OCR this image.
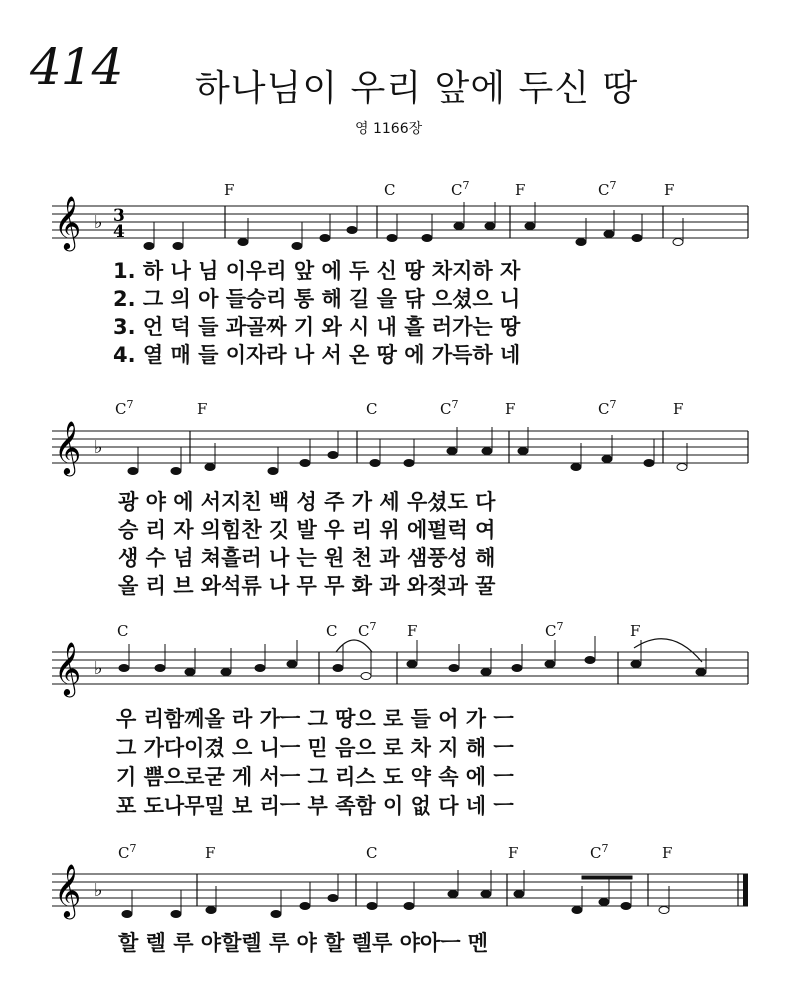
414 하나님이 우리 앞에 두신 땅
영 1166장
𝄞 ♭ 3
4
F	C	$C^7$	F	$C^7$	F
1. 하 나 님 이우리 앞 에 두 신 땅 차지하 자
2. 그 의 아 들승리 통 해 길 을 닦 으셨으 니
3. 언 덕 들 과골짜 기 와 시 내 흘 러가는 땅
4. 열 매 들 이자라 나 서 온 땅 에 가득하 네
𝄞 ♭
$C^7$	F	C	$C^7$	F	$C^7$	F
광 야 에 서지친 백 성 주 가 세 우셨도 다
승 리 자 의힘찬 깃 발 우 리 위 에펄럭 여
생 수 넘 쳐흘러 나 는 원 천 과 샘풍성 해
올 리 브 와석류 나 무 무 화 과 와젖과 꿀
𝄞 ♭
C	C $C^7$ F	$C^7$	F
우 리함께올 라 가ㅡ 그 땅으 로 들 어 가 ㅡ
그 가다이겼 으 니ㅡ 믿 음으 로 차 지 해 ㅡ
기 쁨으로굳 게 서ㅡ 그 리스 도 약 속 에 ㅡ
포 도나무밀 보 리ㅡ 부 족함 이 없 다 네 ㅡ
𝄞 ♭
$C^7$	F	C	F	$C^7$	F
할 렐 루 야할렐 루 야 할 렐루 야아ㅡ 멘
